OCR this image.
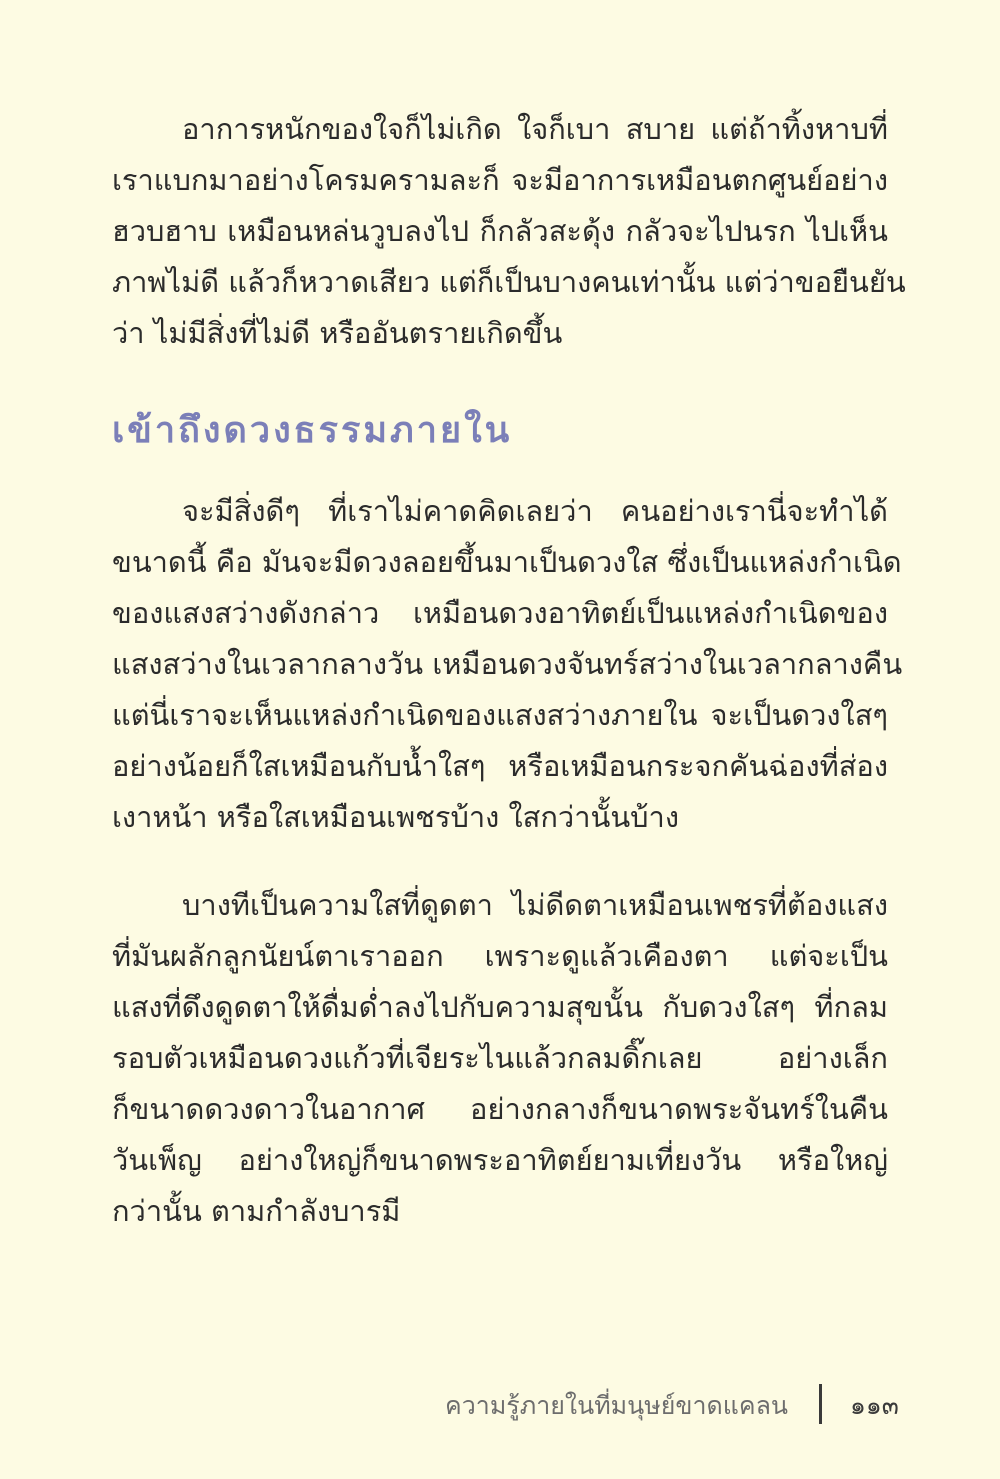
อาการหนักของใจก็ไม่เกิด ใจก็เบา สบาย แต่ถ้าทิ้งหาบที่
เราแบกมาอย่างโครมครามละก็ จะมีอาการเหมือนตกศูนย์อย่าง
ฮวบฮาบ เหมือนหล่นวูบลงไป ก็กลัวสะดุ้ง กลัวจะไปนรก ไปเห็น
ภาพไม่ดี แล้วก็หวาดเสียว แต่ก็เป็นบางคนเท่านั้น แต่ว่าขอยืนยัน
ว่า ไม่มีสิ่งที่ไม่ดี หรืออันตรายเกิดขึ้น
เข้าถึงดวงธรรมภายใน
จะมีสิ่งดีๆ ที่เราไม่คาดคิดเลยว่า คนอย่างเรานี่จะทำได้
ขนาดนี้ คือ มันจะมีดวงลอยขึ้นมาเป็นดวงใส ซึ่งเป็นแหล่งกำเนิด
ของแสงสว่างดังกล่าว เหมือนดวงอาทิตย์เป็นแหล่งกำเนิดของ
แสงสว่างในเวลากลางวัน เหมือนดวงจันทร์สว่างในเวลากลางคืน
แต่นี่เราจะเห็นแหล่งกำเนิดของแสงสว่างภายใน จะเป็นดวงใสๆ
อย่างน้อยก็ใสเหมือนกับน้ำใสๆ หรือเหมือนกระจกคันฉ่องที่ส่อง
เงาหน้า หรือใสเหมือนเพชรบ้าง ใสกว่านั้นบ้าง
บางทีเป็นความใสที่ดูดตา ไม่ดีดตาเหมือนเพชรที่ต้องแสง
ที่มันผลักลูกนัยน์ตาเราออก เพราะดูแล้วเคืองตา แต่จะเป็น
แสงที่ดึงดูดตาให้ดื่มด่ำลงไปกับความสุขนั้น กับดวงใสๆ ที่กลม
รอบตัวเหมือนดวงแก้วที่เจียระไนแล้วกลมดิ๊กเลย อย่างเล็ก
ก็ขนาดดวงดาวในอากาศ อย่างกลางก็ขนาดพระจันทร์ในคืน
วันเพ็ญ อย่างใหญ่ก็ขนาดพระอาทิตย์ยามเที่ยงวัน หรือใหญ่
กว่านั้น ตามกำลังบารมี
ความรู้ภายในที่มนุษย์ขาดแคลน ๑๑๓
